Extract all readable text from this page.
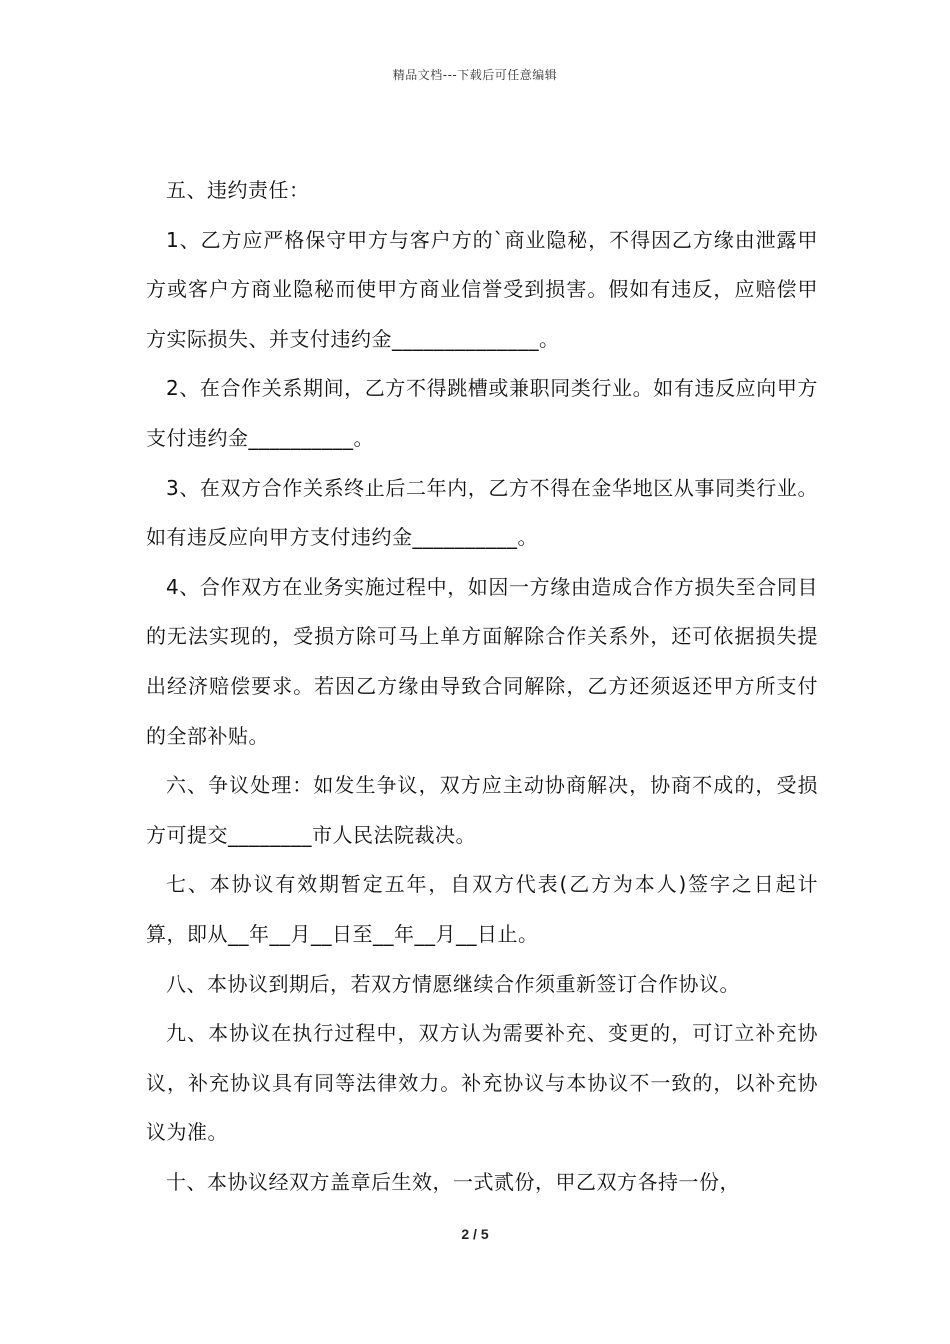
精品文档---下载后可任意编辑

五、违约责任：

1、乙方应严格保守甲方与客户方的`商业隐秘，不得因乙方缘由泄露甲方或客户方商业隐秘而使甲方商业信誉受到损害。假如有违反，应赔偿甲方实际损失、并支付违约金______________。

2、在合作关系期间，乙方不得跳槽或兼职同类行业。如有违反应向甲方支付违约金__________。

3、在双方合作关系终止后二年内，乙方不得在金华地区从事同类行业。如有违反应向甲方支付违约金__________。

4、合作双方在业务实施过程中，如因一方缘由造成合作方损失至合同目的无法实现的，受损方除可马上单方面解除合作关系外，还可依据损失提出经济赔偿要求。若因乙方缘由导致合同解除，乙方还须返还甲方所支付的全部补贴。

六、争议处理：如发生争议，双方应主动协商解决，协商不成的，受损方可提交________市人民法院裁决。

七、本协议有效期暂定五年，自双方代表(乙方为本人)签字之日起计算，即从__年__月__日至__年__月__日止。

八、本协议到期后，若双方情愿继续合作须重新签订合作协议。

九、本协议在执行过程中，双方认为需要补充、变更的，可订立补充协议，补充协议具有同等法律效力。补充协议与本协议不一致的，以补充协议为准。

十、本协议经双方盖章后生效，一式贰份，甲乙双方各持一份，

2 / 5
